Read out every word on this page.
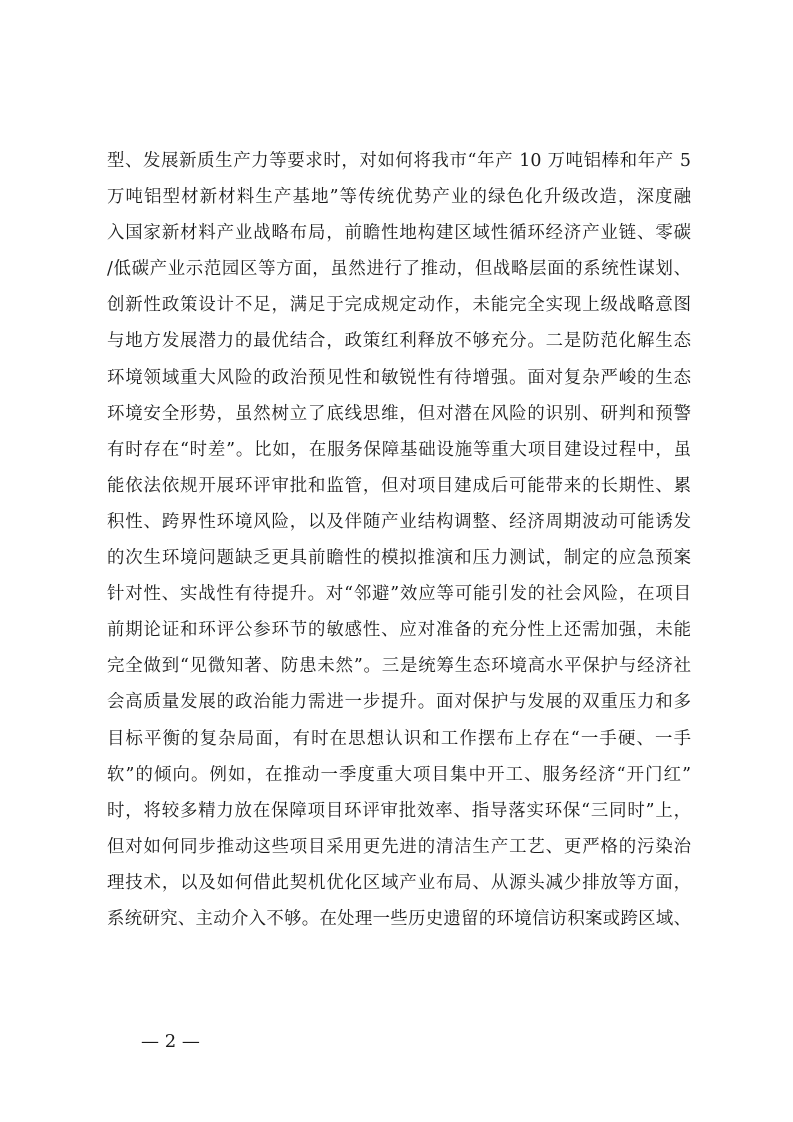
型、发展新质生产力等要求时，对如何将我市“年产 10 万吨铝棒和年产 5
万吨铝型材新材料生产基地”等传统优势产业的绿色化升级改造，深度融
入国家新材料产业战略布局，前瞻性地构建区域性循环经济产业链、零碳
/低碳产业示范园区等方面，虽然进行了推动，但战略层面的系统性谋划、
创新性政策设计不足，满足于完成规定动作，未能完全实现上级战略意图
与地方发展潜力的最优结合，政策红利释放不够充分。二是防范化解生态
环境领域重大风险的政治预见性和敏锐性有待增强。面对复杂严峻的生态
环境安全形势，虽然树立了底线思维，但对潜在风险的识别、研判和预警
有时存在“时差”。比如，在服务保障基础设施等重大项目建设过程中，虽
能依法依规开展环评审批和监管，但对项目建成后可能带来的长期性、累
积性、跨界性环境风险，以及伴随产业结构调整、经济周期波动可能诱发
的次生环境问题缺乏更具前瞻性的模拟推演和压力测试，制定的应急预案
针对性、实战性有待提升。对“邻避”效应等可能引发的社会风险，在项目
前期论证和环评公参环节的敏感性、应对准备的充分性上还需加强，未能
完全做到“见微知著、防患未然”。三是统筹生态环境高水平保护与经济社
会高质量发展的政治能力需进一步提升。面对保护与发展的双重压力和多
目标平衡的复杂局面，有时在思想认识和工作摆布上存在“一手硬、一手
软”的倾向。例如，在推动一季度重大项目集中开工、服务经济“开门红”
时，将较多精力放在保障项目环评审批效率、指导落实环保“三同时”上，
但对如何同步推动这些项目采用更先进的清洁生产工艺、更严格的污染治
理技术，以及如何借此契机优化区域产业布局、从源头减少排放等方面，
系统研究、主动介入不够。在处理一些历史遗留的环境信访积案或跨区域、
— 2 —
